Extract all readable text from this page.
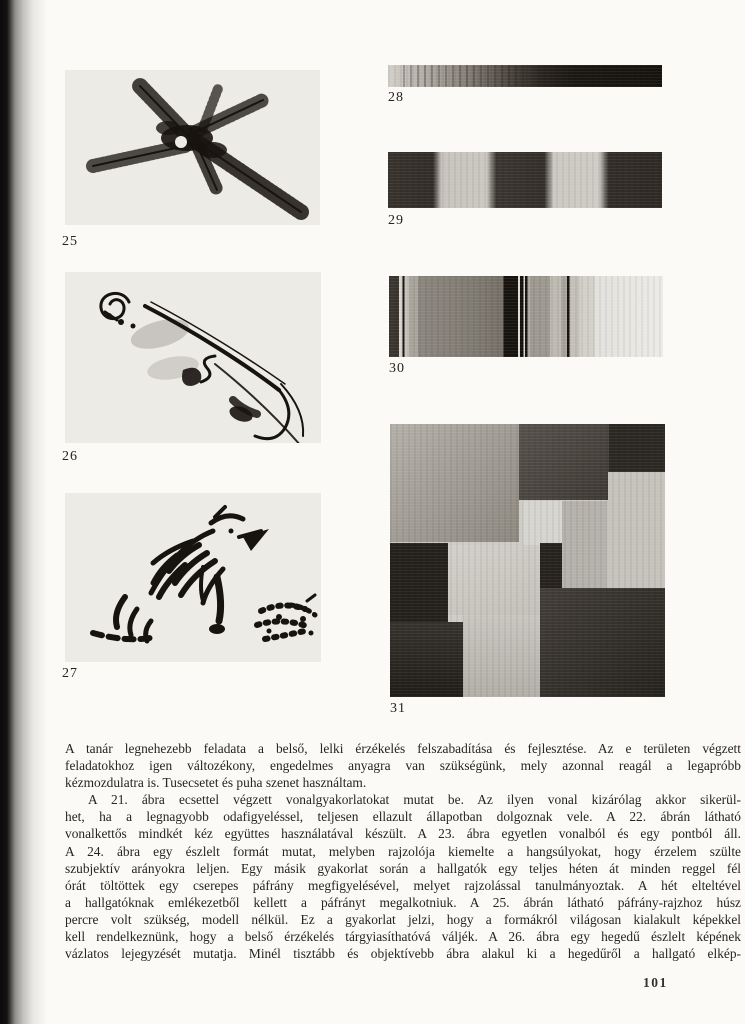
25
26
27
28
29
30
31
A tanár legnehezebb feladata a belső, lelki érzékelés felszabadítása és fejlesztése. Az e területen végzett
feladatokhoz igen változékony, engedelmes anyagra van szükségünk, mely azonnal reagál a legapróbb
kézmozdulatra is. Tusecsetet és puha szenet használtam.
A 21. ábra ecsettel végzett vonalgyakorlatokat mutat be. Az ilyen vonal kizárólag akkor sikerül-
het, ha a legnagyobb odafigyeléssel, teljesen ellazult állapotban dolgoznak vele. A 22. ábrán látható
vonalkettős mindkét kéz együttes használatával készült. A 23. ábra egyetlen vonalból és egy pontból áll.
A 24. ábra egy észlelt formát mutat, melyben rajzolója kiemelte a hangsúlyokat, hogy érzelem szülte
szubjektív arányokra leljen. Egy másik gyakorlat során a hallgatók egy teljes héten át minden reggel fél
órát töltöttek egy cserepes páfrány megfigyelésével, melyet rajzolással tanulmányoztak. A hét elteltével
a hallgatóknak emlékezetből kellett a páfrányt megalkotniuk. A 25. ábrán látható páfrány-rajzhoz húsz
percre volt szükség, modell nélkül. Ez a gyakorlat jelzi, hogy a formákról világosan kialakult képekkel
kell rendelkeznünk, hogy a belső érzékelés tárgyiasíthatóvá váljék. A 26. ábra egy hegedű észlelt képének
vázlatos lejegyzését mutatja. Minél tisztább és objektívebb ábra alakul ki a hegedűről a hallgató elkép-
101
